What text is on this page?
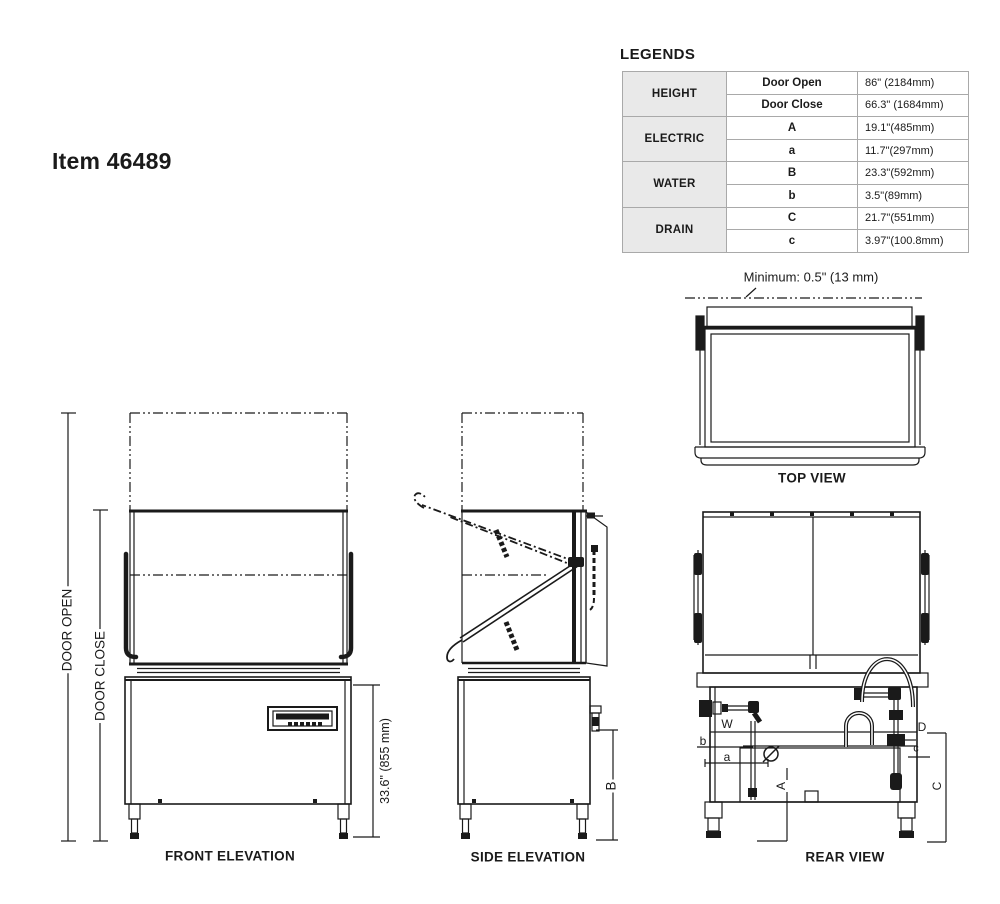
Item 46489
LEGENDS
HEIGHT	Door Open	86" (2184mm)
	Door Close	66.3" (1684mm)
ELECTRIC	A	19.1"(485mm)
	a	11.7"(297mm)
WATER	B	23.3"(592mm)
	b	3.5"(89mm)
DRAIN	C	21.7"(551mm)
	c	3.97"(100.8mm)
Minimum: 0.5" (13 mm)
TOP VIEW
DOOR OPEN
DOOR CLOSE
33.6" (855 mm)
FRONT ELEVATION
B
SIDE ELEVATION
W
b
a
A
D
c
C
REAR VIEW
